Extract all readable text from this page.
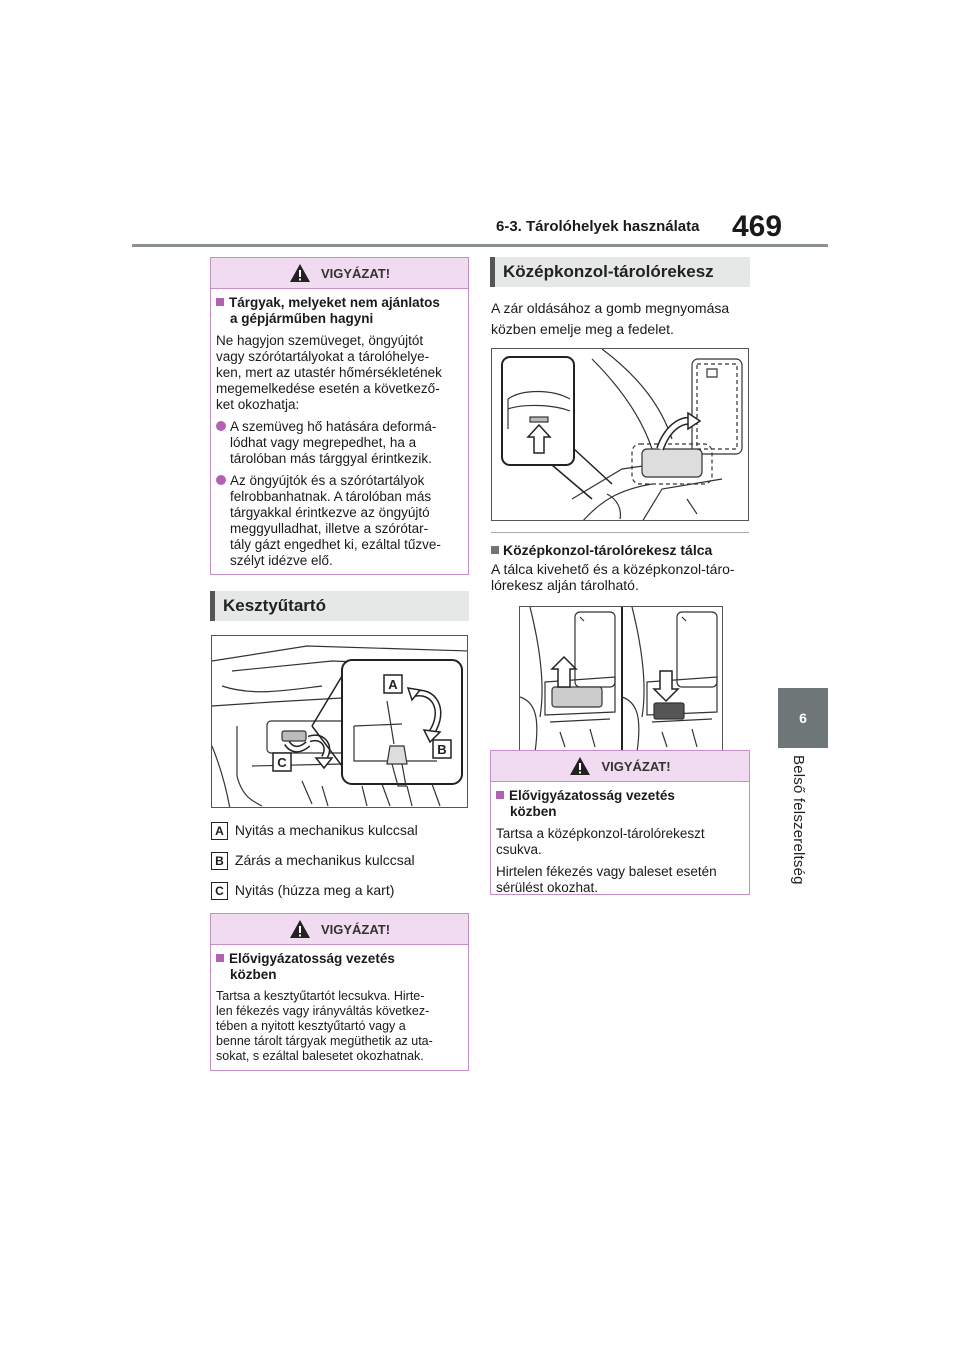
6-3. Tárolóhelyek használata 469
6
Belső felszereltség
VIGYÁZAT!

Tárgyak, melyeket nem ajánlatos
a gépjárműben hagyni

Ne hagyjon szemüveget, öngyújtót
vagy szórótartályokat a tárolóhelye-
ken, mert az utastér hőmérsékletének
megemelkedése esetén a következő-
ket okozhatja:

A szemüveg hő hatására deformá-
lódhat vagy megrepedhet, ha a
tárolóban más tárggyal érintkezik.

Az öngyújtók és a szórótartályok
felrobbanhatnak. A tárolóban más
tárgyakkal érintkezve az öngyújtó
meggyulladhat, illetve a szórótar-
tály gázt engedhet ki, ezáltal tűzve-
szélyt idézve elő.

Kesztyűtartó
A
B
C
A Nyitás a mechanikus kulccsal
B Zárás a mechanikus kulccsal
C Nyitás (húzza meg a kart)
VIGYÁZAT!

Elővigyázatosság vezetés
közben

Tartsa a kesztyűtartót lecsukva. Hirte-
len fékezés vagy irányváltás következ-
tében a nyitott kesztyűtartó vagy a
benne tárolt tárgyak megüthetik az uta-
sokat, s ezáltal balesetet okozhatnak.

Középkonzol-tárolórekesz
A zár oldásához a gomb megnyomása
közben emelje meg a fedelet.
Középkonzol-tárolórekesz tálca
A tálca kivehető és a középkonzol-táro-
lórekesz alján tárolható.
VIGYÁZAT!

Elővigyázatosság vezetés
közben

Tartsa a középkonzol-tárolórekeszt
csukva.

Hirtelen fékezés vagy baleset esetén
sérülést okozhat.
